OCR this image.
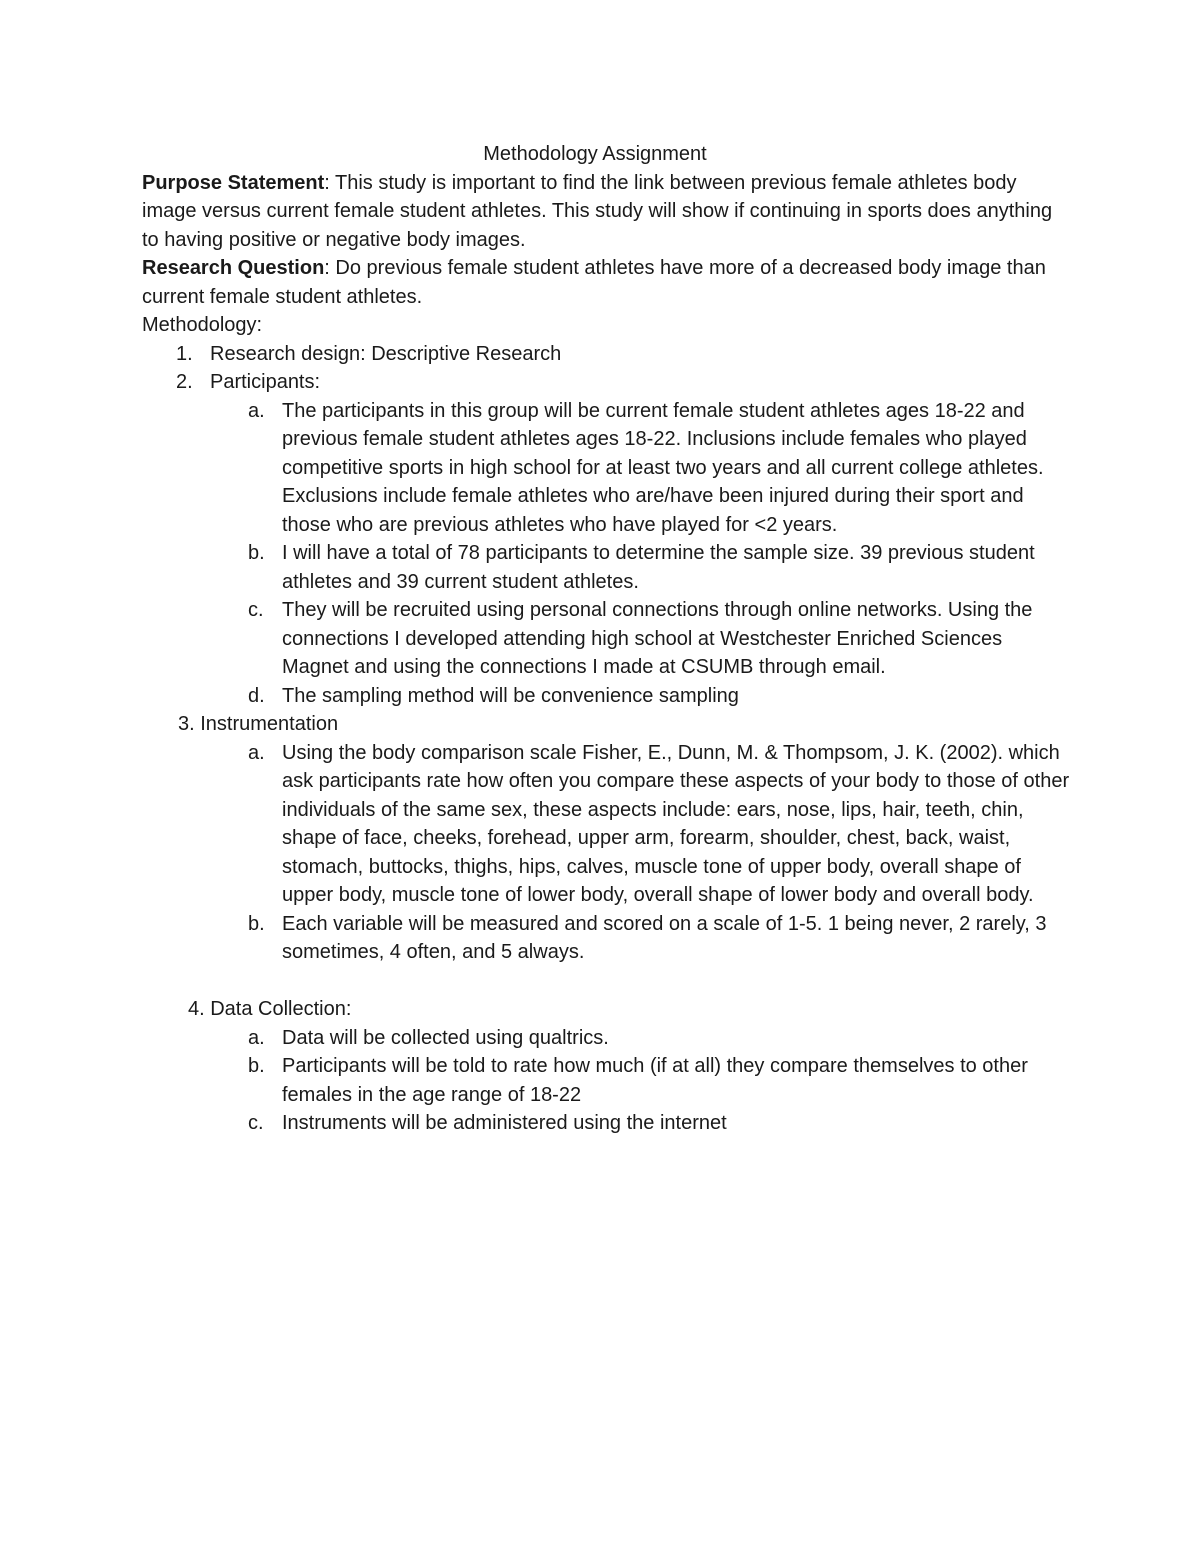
Methodology Assignment

Purpose Statement: This study is important to find the link between previous female athletes body image versus current female student athletes. This study will show if continuing in sports does anything to having positive or negative body images.

Research Question: Do previous female student athletes have more of a decreased body image than current female student athletes.

Methodology:
1. Research design: Descriptive Research
2. Participants:
a. The participants in this group will be current female student athletes ages 18-22 and previous female student athletes ages 18-22. Inclusions include females who played competitive sports in high school for at least two years and all current college athletes. Exclusions include female athletes who are/have been injured during their sport and those who are previous athletes who have played for <2 years.
b. I will have a total of 78 participants to determine the sample size. 39 previous student athletes and 39 current student athletes.
c. They will be recruited using personal connections through online networks. Using the connections I developed attending high school at Westchester Enriched Sciences Magnet and using the connections I made at CSUMB through email.
d. The sampling method will be convenience sampling
3. Instrumentation
a. Using the body comparison scale Fisher, E., Dunn, M. & Thompsom, J. K. (2002). which ask participants rate how often you compare these aspects of your body to those of other individuals of the same sex, these aspects include: ears, nose, lips, hair, teeth, chin, shape of face, cheeks, forehead, upper arm, forearm, shoulder, chest, back, waist, stomach, buttocks, thighs, hips, calves, muscle tone of upper body, overall shape of upper body, muscle tone of lower body, overall shape of lower body and overall body.
b. Each variable will be measured and scored on a scale of 1-5. 1 being never, 2 rarely, 3 sometimes, 4 often, and 5 always.
4. Data Collection:
a. Data will be collected using qualtrics.
b. Participants will be told to rate how much (if at all) they compare themselves to other females in the age range of 18-22
c. Instruments will be administered using the internet
